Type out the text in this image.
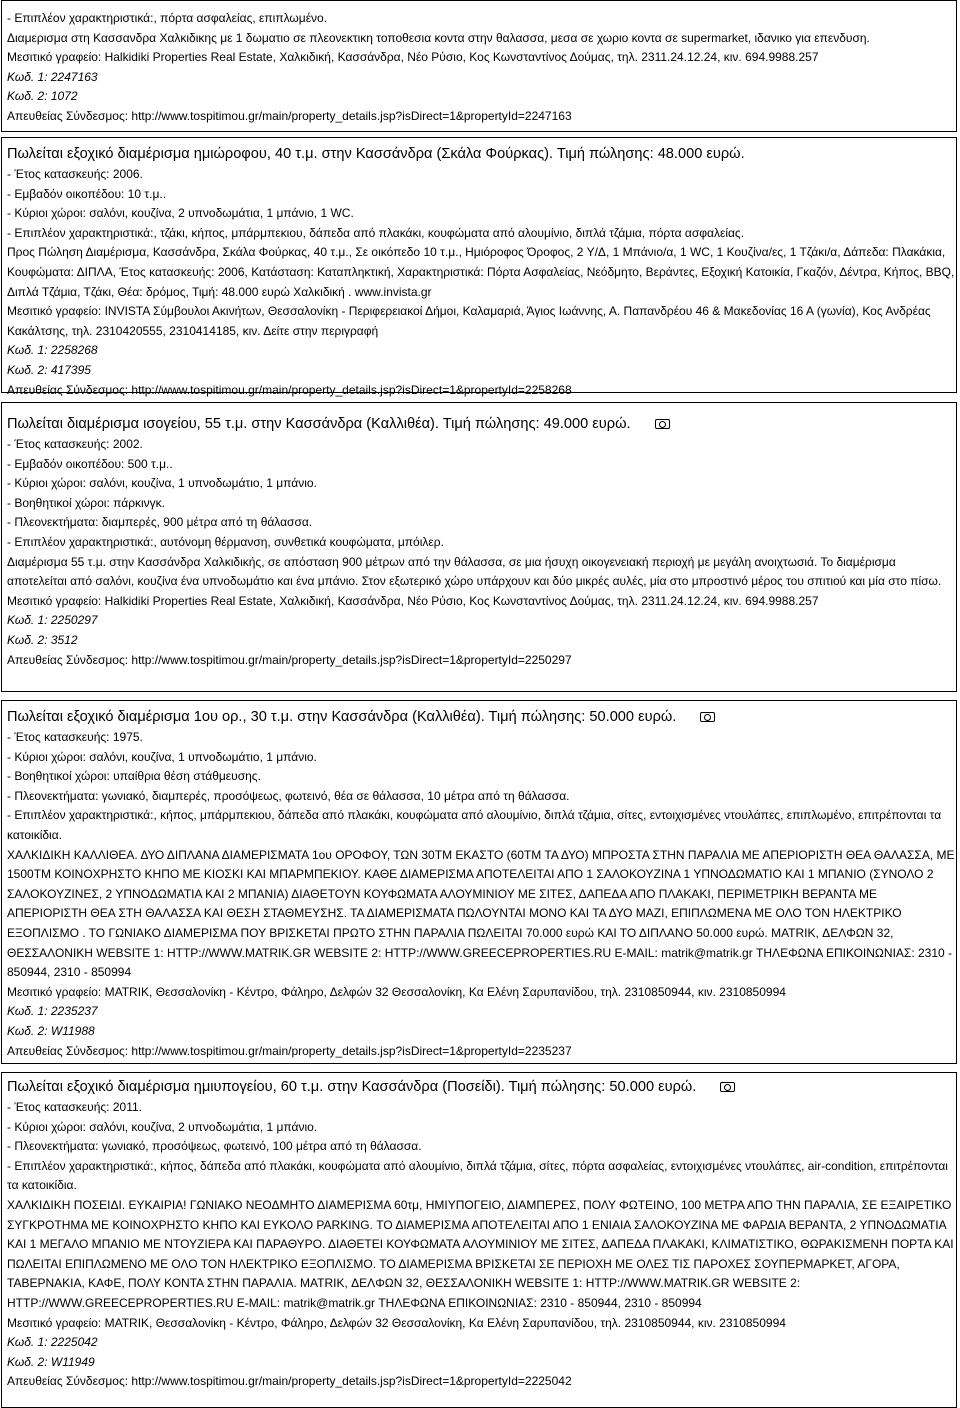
- Επιπλέον χαρακτηριστικά:, πόρτα ασφαλείας, επιπλωμένο.
Διαμερισμα στη Κασσανδρα Χαλκιδικης με 1 δωματιο σε πλεονεκτικη τοποθεσια κοντα στην θαλασσα, μεσα σε χωριο κοντα σε supermarket, ιδανικο για επενδυση.
Μεσιτικό γραφείο: Halkidiki Properties Real Estate, Χαλκιδική, Κασσάνδρα, Νέο Ρύσιο, Κος Κωνσταντίνος Δούμας, τηλ. 2311.24.12.24, κιν. 694.9988.257
Κωδ. 1: 2247163
Κωδ. 2: 1072
Απευθείας Σύνδεσμος: http://www.tospitimou.gr/main/property_details.jsp?isDirect=1&propertyId=2247163
Πωλείται εξοχικό διαμέρισμα ημιώροφου, 40 τ.μ. στην Κασσάνδρα (Σκάλα Φούρκας). Τιμή πώλησης: 48.000 ευρώ.
- Έτος κατασκευής: 2006.
- Εμβαδόν οικοπέδου: 10 τ.μ..
- Κύριοι χώροι: σαλόνι, κουζίνα, 2 υπνοδωμάτια, 1 μπάνιο, 1 WC.
- Επιπλέον χαρακτηριστικά:, τζάκι, κήπος, μπάρμπεκιου, δάπεδα από πλακάκι, κουφώματα από αλουμίνιο, διπλά τζάμια, πόρτα ασφαλείας.
Προς Πώληση Διαμέρισμα, Κασσάνδρα, Σκάλα Φούρκας, 40 τ.μ., Σε οικόπεδο 10 τ.μ., Ημιόροφος Όροφος, 2 Υ/Δ, 1 Μπάνιο/α, 1 WC, 1 Κουζίνα/ες, 1 Τζάκι/α, Δάπεδα: Πλακάκια, Κουφώματα: ΔΙΠΛΑ, Έτος κατασκευής: 2006, Κατάσταση: Καταπληκτική, Χαρακτηριστικά: Πόρτα Ασφαλείας, Νεόδμητο, Βεράντες, Εξοχική Κατοικία, Γκαζόν, Δέντρα, Κήπος, BBQ, Διπλά Τζάμια, Τζάκι, Θέα: δρόμος, Τιμή: 48.000 ευρώ Χαλκιδική . www.invista.gr
Μεσιτικό γραφείο: INVISTA Σύμβουλοι Ακινήτων, Θεσσαλονίκη - Περιφερειακοί Δήμοι, Καλαμαριά, Άγιος Ιωάννης, Α. Παπανδρέου 46 & Μακεδονίας 16 Α (γωνία), Κος Ανδρέας Κακάλτσης, τηλ. 2310420555, 2310414185, κιν. Δείτε στην περιγραφή
Κωδ. 1: 2258268
Κωδ. 2: 417395
Απευθείας Σύνδεσμος: http://www.tospitimou.gr/main/property_details.jsp?isDirect=1&propertyId=2258268
Πωλείται διαμέρισμα ισογείου, 55 τ.μ. στην Κασσάνδρα (Καλλιθέα). Τιμή πώλησης: 49.000 ευρώ.
- Έτος κατασκευής: 2002.
- Εμβαδόν οικοπέδου: 500 τ.μ..
- Κύριοι χώροι: σαλόνι, κουζίνα, 1 υπνοδωμάτιο, 1 μπάνιο.
- Βοηθητικοί χώροι: πάρκινγκ.
- Πλεονεκτήματα: διαμπερές, 900 μέτρα από τη θάλασσα.
- Επιπλέον χαρακτηριστικά:, αυτόνομη θέρμανση, συνθετικά κουφώματα, μπόιλερ.
Διαμέρισμα 55 τ.μ. στην Κασσάνδρα Χαλκιδικής, σε απόσταση 900 μέτρων από την θάλασσα, σε μια ήσυχη οικογενειακή περιοχή με μεγάλη ανοιχτωσιά. Το διαμέρισμα αποτελείται από σαλόνι, κουζίνα ένα υπνοδωμάτιο και ένα μπάνιο. Στον εξωτερικό χώρο υπάρχουν και δύο μικρές αυλές, μία στο μπροστινό μέρος του σπιτιού και μία στο πίσω.
Μεσιτικό γραφείο: Halkidiki Properties Real Estate, Χαλκιδική, Κασσάνδρα, Νέο Ρύσιο, Κος Κωνσταντίνος Δούμας, τηλ. 2311.24.12.24, κιν. 694.9988.257
Κωδ. 1: 2250297
Κωδ. 2: 3512
Απευθείας Σύνδεσμος: http://www.tospitimou.gr/main/property_details.jsp?isDirect=1&propertyId=2250297
Πωλείται εξοχικό διαμέρισμα 1ου ορ., 30 τ.μ. στην Κασσάνδρα (Καλλιθέα). Τιμή πώλησης: 50.000 ευρώ.
- Έτος κατασκευής: 1975.
- Κύριοι χώροι: σαλόνι, κουζίνα, 1 υπνοδωμάτιο, 1 μπάνιο.
- Βοηθητικοί χώροι: υπαίθρια θέση στάθμευσης.
- Πλεονεκτήματα: γωνιακό, διαμπερές, προσόψεως, φωτεινό, θέα σε θάλασσα, 10 μέτρα από τη θάλασσα.
- Επιπλέον χαρακτηριστικά:, κήπος, μπάρμπεκιου, δάπεδα από πλακάκι, κουφώματα από αλουμίνιο, διπλά τζάμια, σίτες, εντοιχισμένες ντουλάπες, επιπλωμένο, επιτρέπονται τα κατοικίδια.
ΧΑΛΚΙΔΙΚΗ ΚΑΛΛΙΘΕΑ. ΔΥΟ ΔΙΠΛΑΝΑ ΔΙΑΜΕΡΙΣΜΑΤΑ 1ου ΟΡΟΦΟΥ, ΤΩΝ 30ΤΜ ΕΚΑΣΤΟ (60ΤΜ ΤΑ ΔΥΟ) ΜΠΡΟΣΤΑ ΣΤΗΝ ΠΑΡΑΛΙΑ ΜΕ ΑΠΕΡΙΟΡΙΣΤΗ ΘΕΑ ΘΑΛΑΣΣΑ, ΜΕ 1500ΤΜ ΚΟΙΝΟΧΡΗΣΤΟ ΚΗΠΟ ΜΕ ΚΙΟΣΚΙ ΚΑΙ ΜΠΑΡΜΠΕΚΙΟΥ. ΚΑΘΕ ΔΙΑΜΕΡΙΣΜΑ ΑΠΟΤΕΛΕΙΤΑΙ ΑΠΟ 1 ΣΑΛΟΚΟΥΖΙΝΑ 1 ΥΠΝΟΔΩΜΑΤΙΟ ΚΑΙ 1 ΜΠΑΝΙΟ (ΣΥΝΟΛΟ 2 ΣΑΛΟΚΟΥΖΙΝΕΣ, 2 ΥΠΝΟΔΩΜΑΤΙΑ ΚΑΙ 2 ΜΠΑΝΙΑ) ΔΙΑΘΕΤΟΥΝ ΚΟΥΦΩΜΑΤΑ ΑΛΟΥΜΙΝΙΟΥ ΜΕ ΣΙΤΕΣ, ΔΑΠΕΔΑ ΑΠΟ ΠΛΑΚΑΚΙ, ΠΕΡΙΜΕΤΡΙΚΗ ΒΕΡΑΝΤΑ ΜΕ ΑΠΕΡΙΟΡΙΣΤΗ ΘΕΑ ΣΤΗ ΘΑΛΑΣΣΑ ΚΑΙ ΘΕΣΗ ΣΤΑΘΜΕΥΣΗΣ. ΤΑ ΔΙΑΜΕΡΙΣΜΑΤΑ ΠΩΛΟΥΝΤΑΙ ΜΟΝΟ ΚΑΙ ΤΑ ΔΥΟ ΜΑΖΙ, ΕΠΙΠΛΩΜΕΝΑ ΜΕ ΟΛΟ ΤΟΝ ΗΛΕΚΤΡΙΚΟ ΕΞΟΠΛΙΣΜΟ . ΤΟ ΓΩΝΙΑΚΟ ΔΙΑΜΕΡΙΣΜΑ ΠΟΥ ΒΡΙΣΚΕΤΑΙ ΠΡΩΤΟ ΣΤΗΝ ΠΑΡΑΛΙΑ ΠΩΛΕΙΤΑΙ 70.000 ευρώ ΚΑΙ ΤΟ ΔΙΠΛΑΝΟ 50.000 ευρώ. MATRIK, ΔΕΛΦΩΝ 32, ΘΕΣΣΑΛΟΝΙΚΗ WEBSITE 1: HTTP://WWW.MATRIK.GR WEBSITE 2: HTTP://WWW.GREECEPROPERTIES.RU E-MAIL: matrik@matrik.gr ΤΗΛΕΦΩΝΑ ΕΠΙΚΟΙΝΩΝΙΑΣ: 2310 - 850944, 2310 - 850994
Μεσιτικό γραφείο: MATRIK, Θεσσαλονίκη - Κέντρο, Φάληρο, Δελφών 32 Θεσσαλονίκη, Κα Ελένη Σαρυπανίδου, τηλ. 2310850944, κιν. 2310850994
Κωδ. 1: 2235237
Κωδ. 2: W11988
Απευθείας Σύνδεσμος: http://www.tospitimou.gr/main/property_details.jsp?isDirect=1&propertyId=2235237
Πωλείται εξοχικό διαμέρισμα ημιυπογείου, 60 τ.μ. στην Κασσάνδρα (Ποσείδι). Τιμή πώλησης: 50.000 ευρώ.
- Έτος κατασκευής: 2011.
- Κύριοι χώροι: σαλόνι, κουζίνα, 2 υπνοδωμάτια, 1 μπάνιο.
- Πλεονεκτήματα: γωνιακό, προσόψεως, φωτεινό, 100 μέτρα από τη θάλασσα.
- Επιπλέον χαρακτηριστικά:, κήπος, δάπεδα από πλακάκι, κουφώματα από αλουμίνιο, διπλά τζάμια, σίτες, πόρτα ασφαλείας, εντοιχισμένες ντουλάπες, air-condition, επιτρέπονται τα κατοικίδια.
ΧΑΛΚΙΔΙΚΗ ΠΟΣΕΙΔΙ. ΕΥΚΑΙΡΙΑ! ΓΩΝΙΑΚΟ ΝΕΟΔΜΗΤΟ ΔΙΑΜΕΡΙΣΜΑ 60τμ, ΗΜΙΥΠΟΓΕΙΟ, ΔΙΑΜΠΕΡΕΣ, ΠΟΛΥ ΦΩΤΕΙΝΟ, 100 ΜΕΤΡΑ ΑΠΟ ΤΗΝ ΠΑΡΑΛΙΑ, ΣΕ ΕΞΑΙΡΕΤΙΚΟ ΣΥΓΚΡΟΤΗΜΑ ΜΕ ΚΟΙΝΟΧΡΗΣΤΟ ΚΗΠΟ ΚΑΙ ΕΥΚΟΛΟ PARKING. ΤΟ ΔΙΑΜΕΡΙΣΜΑ ΑΠΟΤΕΛΕΙΤΑΙ ΑΠΟ 1 ΕΝΙΑΙΑ ΣΑΛΟΚΟΥΖΙΝΑ ΜΕ ΦΑΡΔΙΑ ΒΕΡΑΝΤΑ, 2 ΥΠΝΟΔΩΜΑΤΙΑ ΚΑΙ 1 ΜΕΓΑΛΟ ΜΠΑΝΙΟ ΜΕ ΝΤΟΥΖΙΕΡΑ ΚΑΙ ΠΑΡΑΘΥΡΟ. ΔΙΑΘΕΤΕΙ ΚΟΥΦΩΜΑΤΑ ΑΛΟΥΜΙΝΙΟΥ ΜΕ ΣΙΤΕΣ, ΔΑΠΕΔΑ ΠΛΑΚΑΚΙ, ΚΛΙΜΑΤΙΣΤΙΚΟ, ΘΩΡΑΚΙΣΜΕΝΗ ΠΟΡΤΑ ΚΑΙ ΠΩΛΕΙΤΑΙ ΕΠΙΠΛΩΜΕΝΟ ΜΕ ΟΛΟ ΤΟΝ ΗΛΕΚΤΡΙΚΟ ΕΞΟΠΛΙΣΜΟ. ΤΟ ΔΙΑΜΕΡΙΣΜΑ ΒΡΙΣΚΕΤΑΙ ΣΕ ΠΕΡΙΟΧΗ ΜΕ ΟΛΕΣ ΤΙΣ ΠΑΡΟΧΕΣ ΣΟΥΠΕΡΜΑΡΚΕΤ, ΑΓΟΡΑ, ΤΑΒΕΡΝΑΚΙΑ, ΚΑΦΕ, ΠΟΛΥ ΚΟΝΤΑ ΣΤΗΝ ΠΑΡΑΛΙΑ. MATRIK, ΔΕΛΦΩΝ 32, ΘΕΣΣΑΛΟΝΙΚΗ WEBSITE 1: HTTP://WWW.MATRIK.GR WEBSITE 2: HTTP://WWW.GREECEPROPERTIES.RU E-MAIL: matrik@matrik.gr ΤΗΛΕΦΩΝΑ ΕΠΙΚΟΙΝΩΝΙΑΣ: 2310 - 850944, 2310 - 850994
Μεσιτικό γραφείο: MATRIK, Θεσσαλονίκη - Κέντρο, Φάληρο, Δελφών 32 Θεσσαλονίκη, Κα Ελένη Σαρυπανίδου, τηλ. 2310850944, κιν. 2310850994
Κωδ. 1: 2225042
Κωδ. 2: W11949
Απευθείας Σύνδεσμος: http://www.tospitimou.gr/main/property_details.jsp?isDirect=1&propertyId=2225042
